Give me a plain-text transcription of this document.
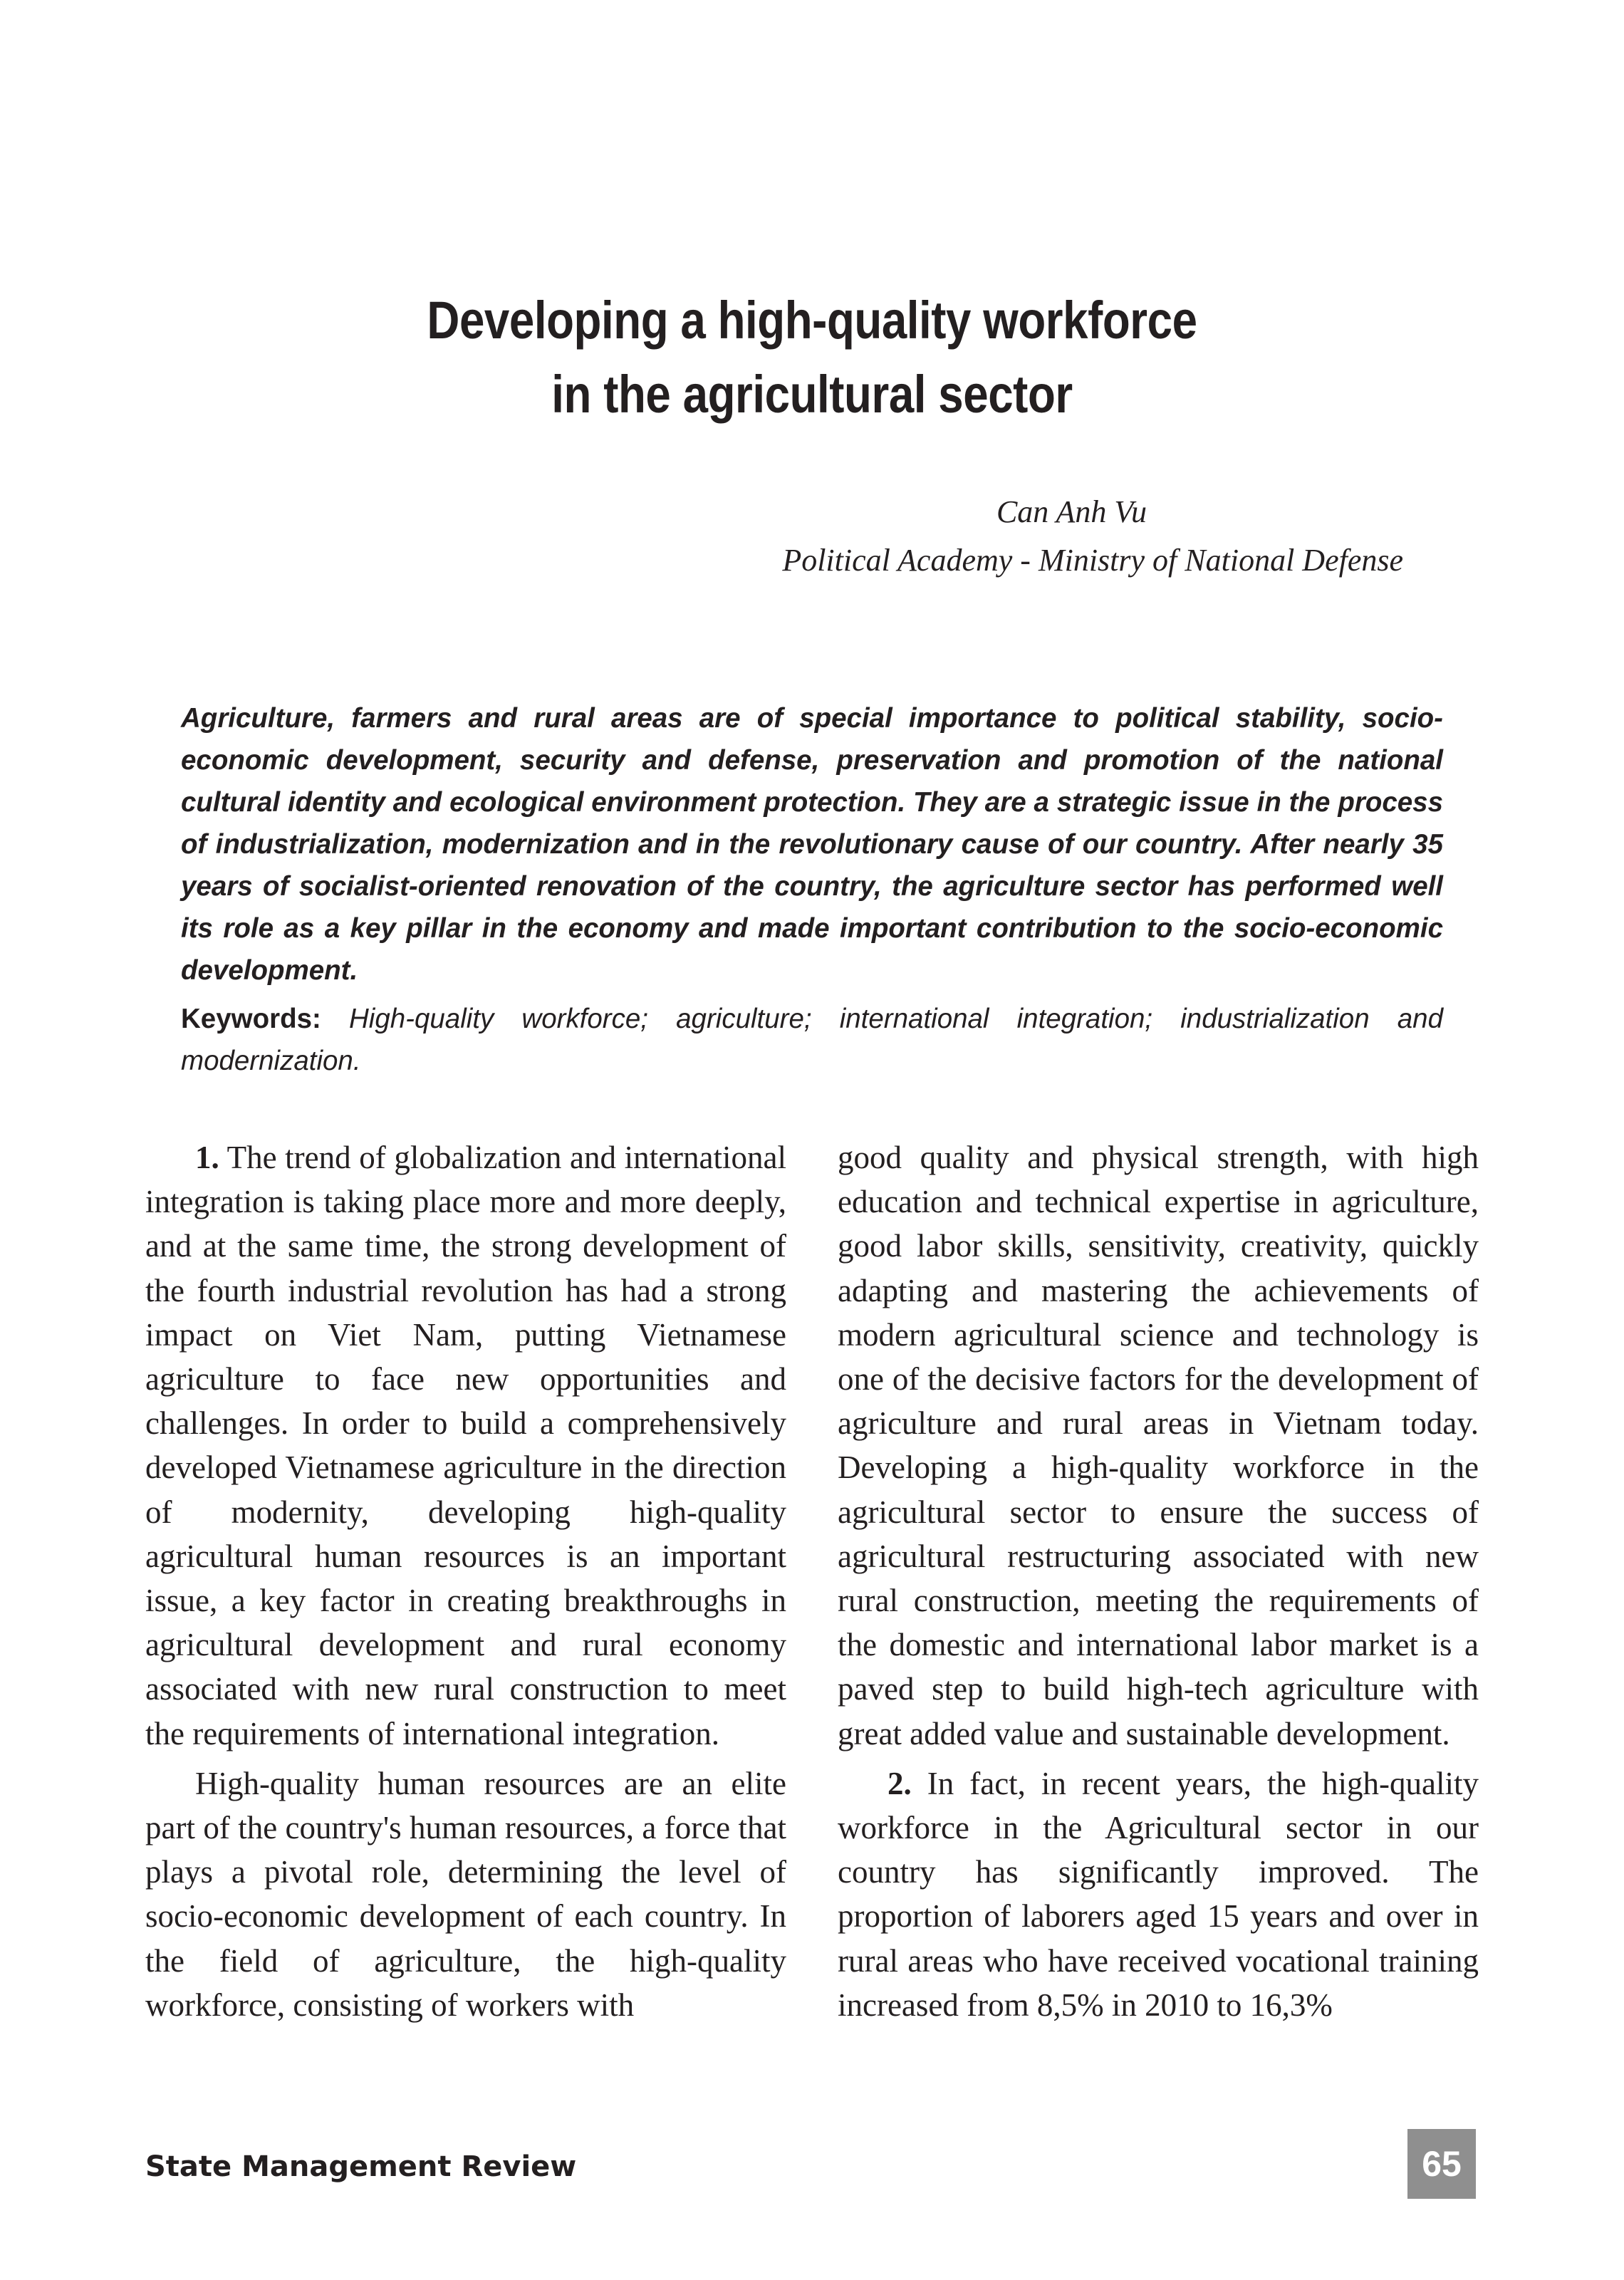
Developing a high-quality workforce
in the agricultural sector
Can Anh Vu
Political Academy - Ministry of National Defense

Agriculture, farmers and rural areas are of special importance to political stability, socio-economic development, security and defense, preservation and promotion of the national cultural identity and ecological environment protection. They are a strategic issue in the process of industrialization, modernization and in the revolutionary cause of our country. After nearly 35 years of socialist-oriented renovation of the country, the agriculture sector has performed well its role as a key pillar in the economy and made important contribution to the socio-economic development.

Keywords: High-quality workforce; agriculture; international integration; industrialization and modernization.

1. The trend of globalization and international integration is taking place more and more deeply, and at the same time, the strong development of the fourth industrial revolution has had a strong impact on Viet Nam, putting Vietnamese agriculture to face new opportunities and challenges. In order to build a comprehensively developed Vietnamese agriculture in the direction of modernity, developing high-quality agricultural human resources is an important issue, a key factor in creating breakthroughs in agricultural development and rural economy associated with new rural construction to meet the requirements of international integration.

High-quality human resources are an elite part of the country's human resources, a force that plays a pivotal role, determining the level of socio-economic development of each country. In the field of agriculture, the high-quality workforce, consisting of workers with

good quality and physical strength, with high education and technical expertise in agriculture, good labor skills, sensitivity, creativity, quickly adapting and mastering the achievements of modern agricultural science and technology is one of the decisive factors for the development of agriculture and rural areas in Vietnam today. Developing a high-quality workforce in the agricultural sector to ensure the success of agricultural restructuring associated with new rural construction, meeting the requirements of the domestic and international labor market is a paved step to build high-tech agriculture with great added value and sustainable development.

2. In fact, in recent years, the high-quality workforce in the Agricultural sector in our country has significantly improved. The proportion of laborers aged 15 years and over in rural areas who have received vocational training increased from 8,5% in 2010 to 16,3%

State Management Review	65
